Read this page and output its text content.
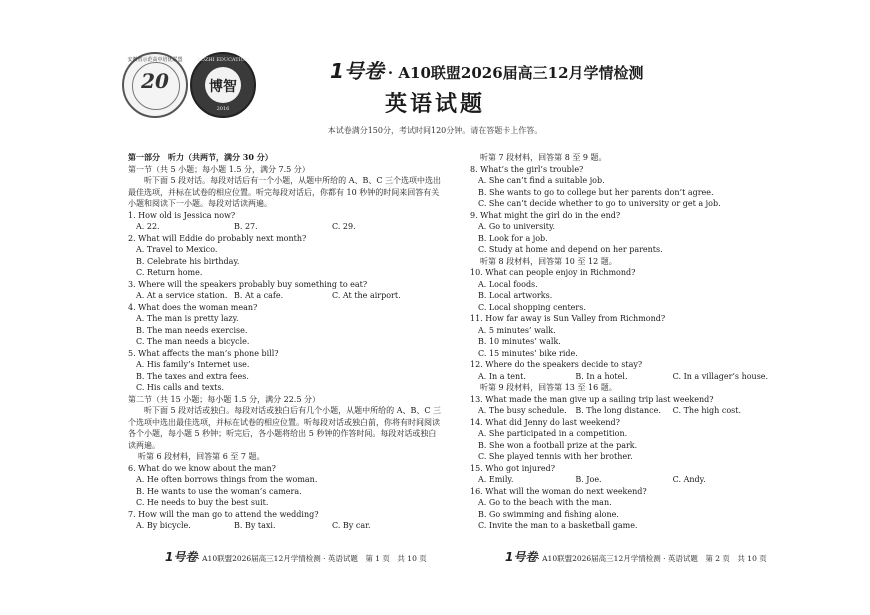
安徽省示范高中培优联盟
20
BOZHI EDUCATION
博智
2016
1号卷 · A10联盟2026届高三12月学情检测
英语试题
本试卷满分150分，考试时间120分钟。请在答题卡上作答。
第一部分　听力（共两节，满分 30 分）
第一节（共 5 小题；每小题 1.5 分，满分 7.5 分）
听下面 5 段对话。每段对话后有一个小题，从题中所给的 A、B、C 三个选项中选出最佳选项，并标在试卷的相应位置。听完每段对话后，你都有 10 秒钟的时间来回答有关小题和阅读下一小题。每段对话读两遍。
1. How old is Jessica now?
A. 22.	B. 27.	C. 29.
2. What will Eddie do probably next month?
A. Travel to Mexico.
B. Celebrate his birthday.
C. Return home.
3. Where will the speakers probably buy something to eat?
A. At a service station. B. At a cafe.	C. At the airport.
4. What does the woman mean?
A. The man is pretty lazy.
B. The man needs exercise.
C. The man needs a bicycle.
5. What affects the man’s phone bill?
A. His family’s Internet use.
B. The taxes and extra fees.
C. His calls and texts.
第二节（共 15 小题；每小题 1.5 分，满分 22.5 分）
听下面 5 段对话或独白。每段对话或独白后有几个小题，从题中所给的 A、B、C 三个选项中选出最佳选项，并标在试卷的相应位置。听每段对话或独白前，你将有时间阅读各个小题，每小题 5 秒钟；听完后，各小题将给出 5 秒钟的作答时间。每段对话或独白读两遍。
听第 6 段材料，回答第 6 至 7 题。
6. What do we know about the man?
A. He often borrows things from the woman.
B. He wants to use the woman’s camera.
C. He needs to buy the best suit.
7. How will the man go to attend the wedding?
A. By bicycle.	B. By taxi.	C. By car.
听第 7 段材料，回答第 8 至 9 题。
8. What’s the girl’s trouble?
A. She can’t find a suitable job.
B. She wants to go to college but her parents don’t agree.
C. She can’t decide whether to go to university or get a job.
9. What might the girl do in the end?
A. Go to university.
B. Look for a job.
C. Study at home and depend on her parents.
听第 8 段材料，回答第 10 至 12 题。
10. What can people enjoy in Richmond?
A. Local foods.
B. Local artworks.
C. Local shopping centers.
11. How far away is Sun Valley from Richmond?
A. 5 minutes’ walk.
B. 10 minutes’ walk.
C. 15 minutes’ bike ride.
12. Where do the speakers decide to stay?
A. In a tent.	B. In a hotel.	C. In a villager’s house.
听第 9 段材料，回答第 13 至 16 题。
13. What made the man give up a sailing trip last weekend?
A. The busy schedule.	B. The long distance.	C. The high cost.
14. What did Jenny do last weekend?
A. She participated in a competition.
B. She won a football prize at the park.
C. She played tennis with her brother.
15. Who got injured?
A. Emily.	B. Joe.	C. Andy.
16. What will the woman do next weekend?
A. Go to the beach with the man.
B. Go swimming and fishing alone.
C. Invite the man to a basketball game.
1号卷· A10联盟2026届高三12月学情检测 · 英语试题　第 1 页　共 10 页	1号卷· A10联盟2026届高三12月学情检测 · 英语试题　第 2 页　共 10 页
